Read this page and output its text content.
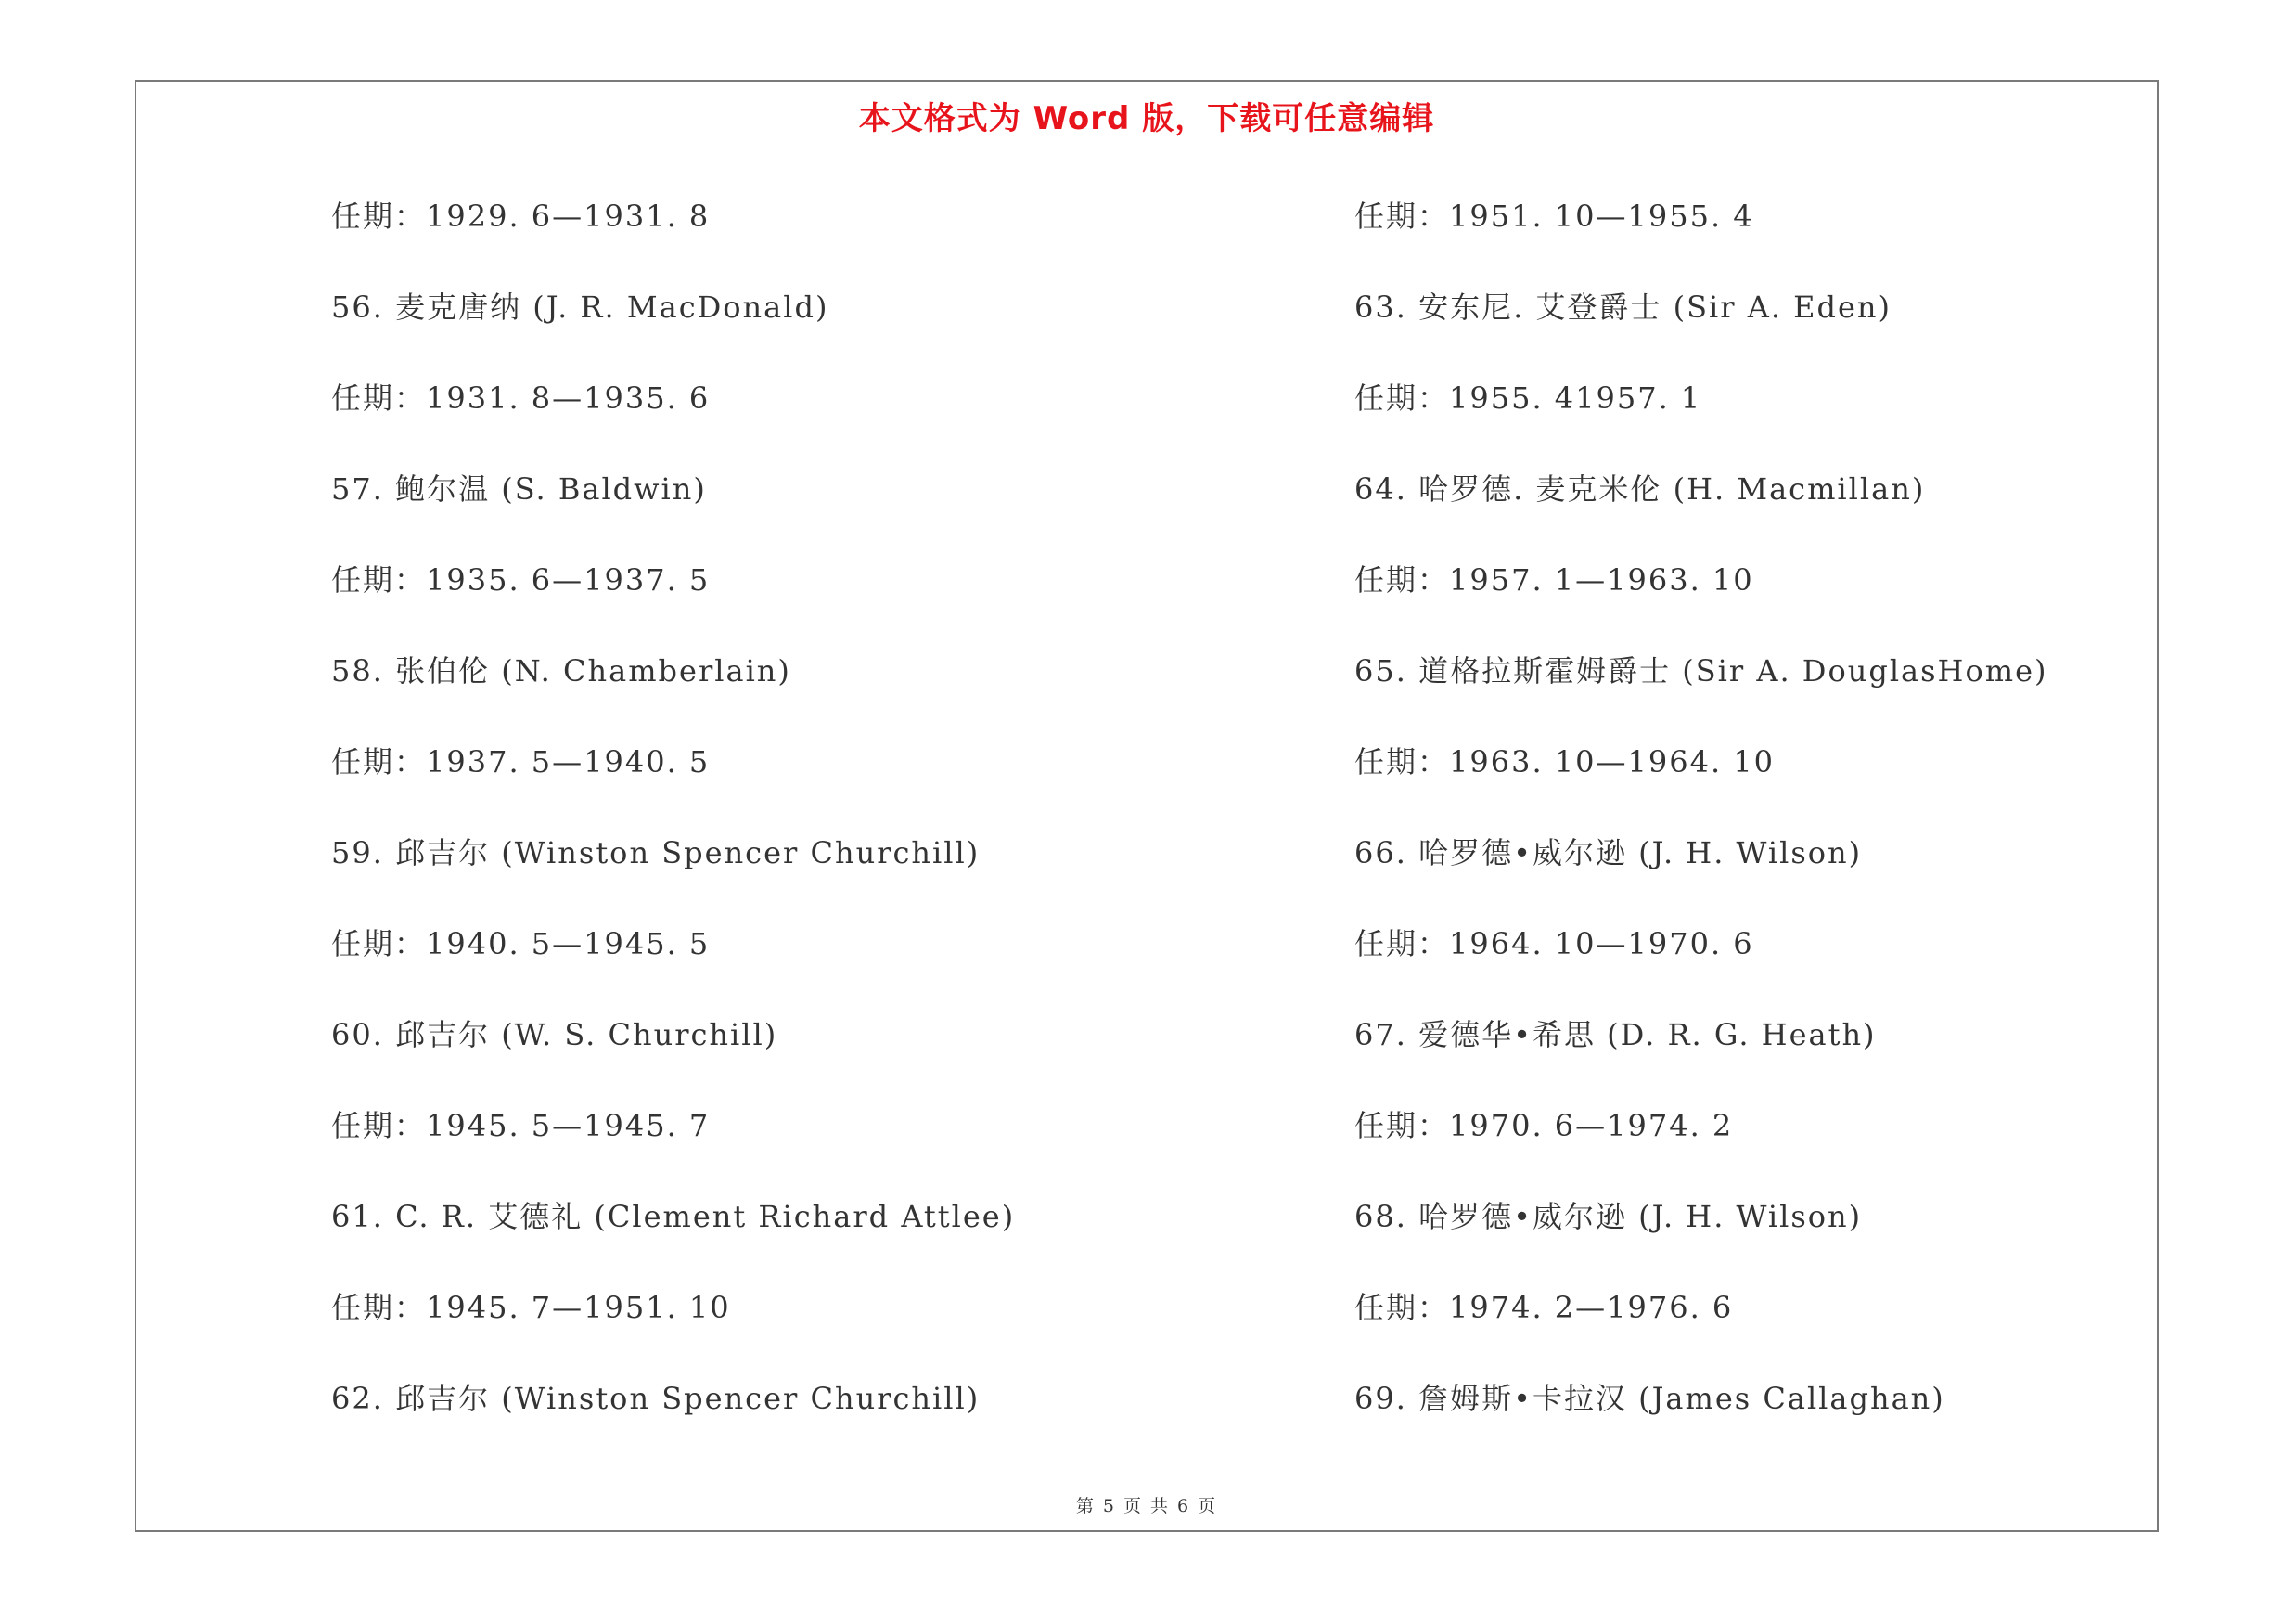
本文格式为 Word 版，下载可任意编辑
任期：1929. 6—1931. 8
56. 麦克唐纳 (J. R. MacDonald)
任期：1931. 8—1935. 6
57. 鲍尔温 (S. Baldwin)
任期：1935. 6—1937. 5
58. 张伯伦 (N. Chamberlain)
任期：1937. 5—1940. 5
59. 邱吉尔 (Winston Spencer Churchill)
任期：1940. 5—1945. 5
60. 邱吉尔 (W. S. Churchill)
任期：1945. 5—1945. 7
61. C. R. 艾德礼 (Clement Richard Attlee)
任期：1945. 7—1951. 10
62. 邱吉尔 (Winston Spencer Churchill)
任期：1951. 10—1955. 4
63. 安东尼. 艾登爵士 (Sir A. Eden)
任期：1955. 41957. 1
64. 哈罗德. 麦克米伦 (H. Macmillan)
任期：1957. 1—1963. 10
65. 道格拉斯霍姆爵士 (Sir A. DouglasHome)
任期：1963. 10—1964. 10
66. 哈罗德•威尔逊 (J. H. Wilson)
任期：1964. 10—1970. 6
67. 爱德华•希思 (D. R. G. Heath)
任期：1970. 6—1974. 2
68. 哈罗德•威尔逊 (J. H. Wilson)
任期：1974. 2—1976. 6
69. 詹姆斯•卡拉汉 (James Callaghan)
第 5 页 共 6 页
